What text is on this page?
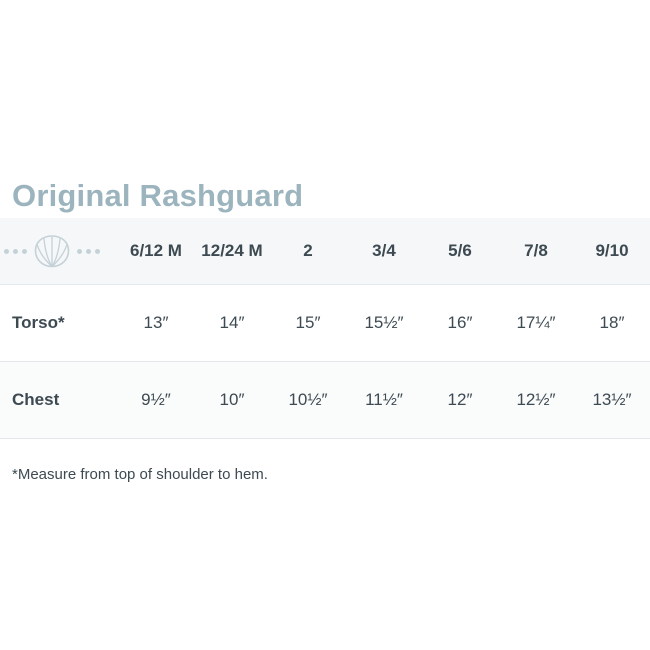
Original Rashguard
	6/12 M	12/24 M	2	3/4	5/6	7/8	9/10
Torso*	13″	14″	15″	15½″	16″	17¼″	18″
Chest	9½″	10″	10½″	11½″	12″	12½″	13½″
*Measure from top of shoulder to hem.
